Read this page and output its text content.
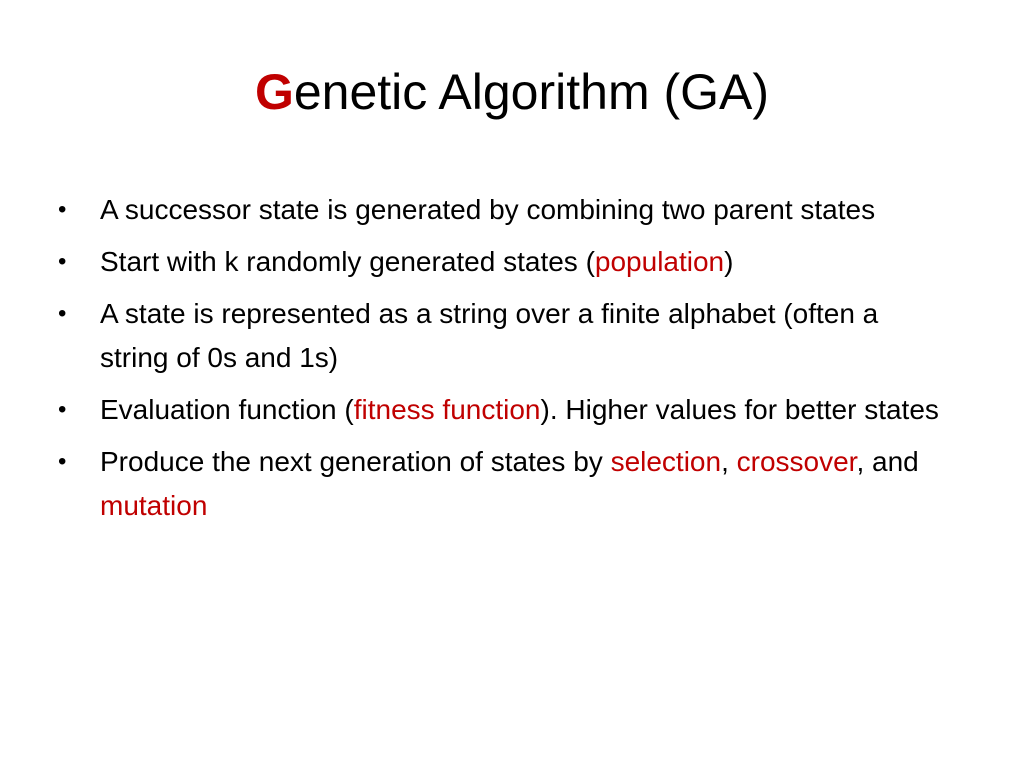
Genetic Algorithm (GA)
•	A successor state is generated by combining two parent states
•	Start with k randomly generated states (population)
•	A state is represented as a string over a finite alphabet (often a string of 0s and 1s)
•	Evaluation function (fitness function). Higher values for better states
•	Produce the next generation of states by selection, crossover, and mutation
